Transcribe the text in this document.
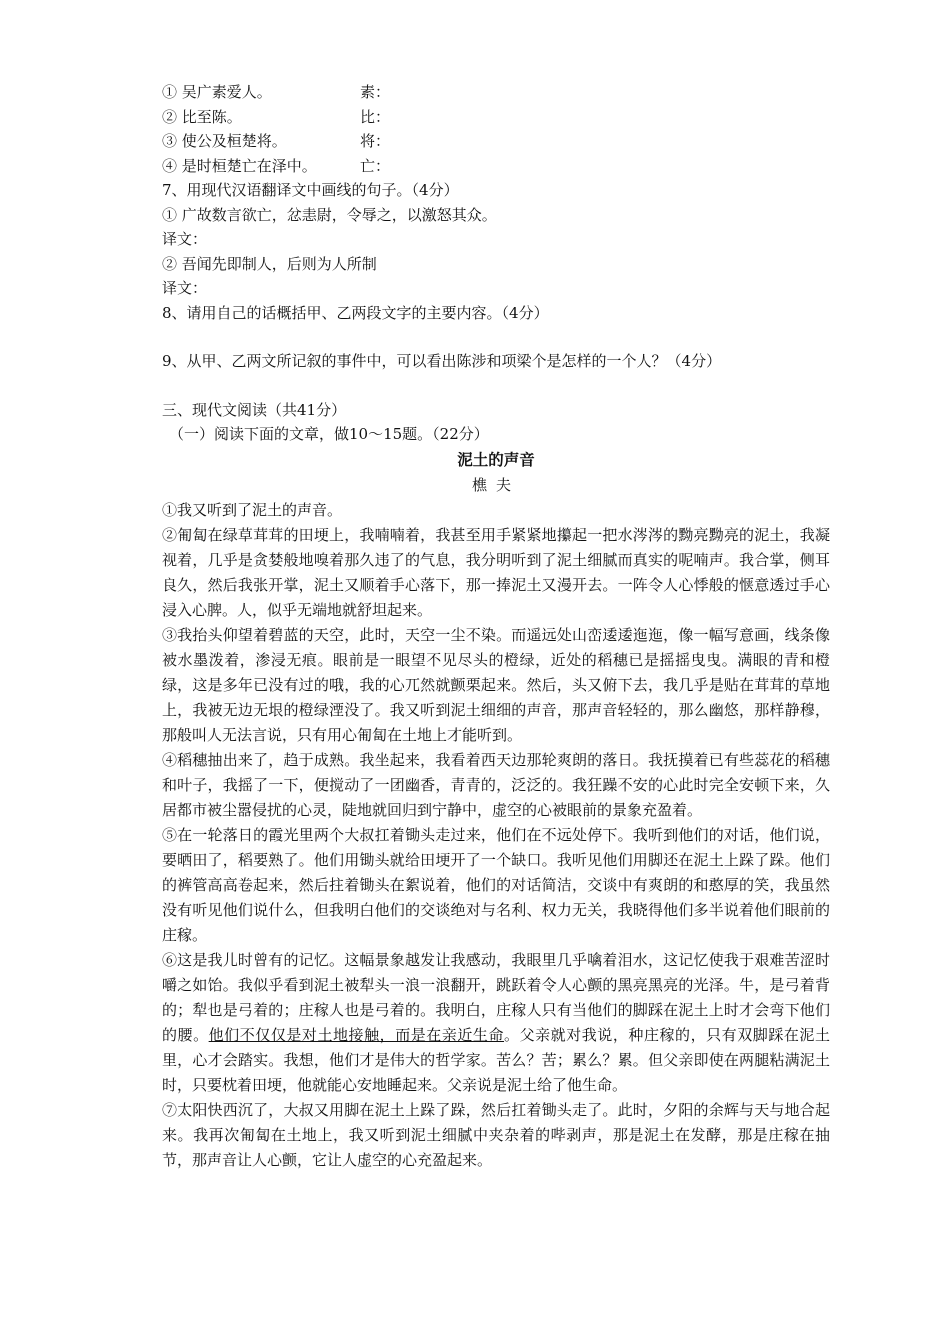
① 吴广素爱人。	素：
② 比至陈。	比：
③ 使公及桓楚将。	将：
④ 是时桓楚亡在泽中。	亡：
7、用现代汉语翻译文中画线的句子。（4分）
① 广故数言欲亡，忿恚尉，令辱之，以激怒其众。
译文：
② 吾闻先即制人，后则为人所制
译文：
8、请用自己的话概括甲、乙两段文字的主要内容。（4分）
9、从甲、乙两文所记叙的事件中，可以看出陈涉和项梁个是怎样的一个人？（4分）
三、现代文阅读（共41分）
（一）阅读下面的文章，做10～15题。（22分）
泥土的声音
樵夫

①我又听到了泥土的声音。

②匍匐在绿草茸茸的田埂上，我喃喃着，我甚至用手紧紧地攥起一把水涔涔的黝亮黝亮的泥土，我凝视着，几乎是贪婪般地嗅着那久违了的气息，我分明听到了泥土细腻而真实的呢喃声。我合掌，侧耳良久，然后我张开掌，泥土又顺着手心落下，那一捧泥土又漫开去。一阵令人心悸般的惬意透过手心浸入心脾。人，似乎无端地就舒坦起来。

③我抬头仰望着碧蓝的天空，此时，天空一尘不染。而遥远处山峦逶逶迤迤，像一幅写意画，线条像被水墨泼着，渗浸无痕。眼前是一眼望不见尽头的橙绿，近处的稻穗已是摇摇曳曳。满眼的青和橙绿，这是多年已没有过的哦，我的心兀然就颤栗起来。然后，头又俯下去，我几乎是贴在茸茸的草地上，我被无边无垠的橙绿湮没了。我又听到泥土细细的声音，那声音轻轻的，那么幽悠，那样静穆，那般叫人无法言说，只有用心匍匐在土地上才能听到。

④稻穗抽出来了，趋于成熟。我坐起来，我看着西天边那轮爽朗的落日。我抚摸着已有些蕊花的稻穗和叶子，我摇了一下，便搅动了一团幽香，青青的，泛泛的。我狂躁不安的心此时完全安顿下来，久居都市被尘嚣侵扰的心灵，陡地就回归到宁静中，虚空的心被眼前的景象充盈着。

⑤在一轮落日的霞光里两个大叔扛着锄头走过来，他们在不远处停下。我听到他们的对话，他们说，要晒田了，稻要熟了。他们用锄头就给田埂开了一个缺口。我听见他们用脚还在泥土上跺了跺。他们的裤管高高卷起来，然后拄着锄头在絮说着，他们的对话简洁，交谈中有爽朗的和憨厚的笑，我虽然没有听见他们说什么，但我明白他们的交谈绝对与名利、权力无关，我晓得他们多半说着他们眼前的庄稼。

⑥这是我儿时曾有的记忆。这幅景象越发让我感动，我眼里几乎噙着泪水，这记忆使我于艰难苦涩时嚼之如饴。我似乎看到泥土被犁头一浪一浪翻开，跳跃着令人心颤的黑亮黑亮的光泽。牛，是弓着背的；犁也是弓着的；庄稼人也是弓着的。我明白，庄稼人只有当他们的脚踩在泥土上时才会弯下他们的腰。他们不仅仅是对土地接触，而是在亲近生命。父亲就对我说，种庄稼的，只有双脚踩在泥土里，心才会踏实。我想，他们才是伟大的哲学家。苦么？苦；累么？累。但父亲即使在两腿粘满泥土时，只要枕着田埂，他就能心安地睡起来。父亲说是泥土给了他生命。

⑦太阳快西沉了，大叔又用脚在泥土上跺了跺，然后扛着锄头走了。此时，夕阳的余辉与天与地合起来。我再次匍匐在土地上，我又听到泥土细腻中夹杂着的哔剥声，那是泥土在发酵，那是庄稼在抽节，那声音让人心颤，它让人虚空的心充盈起来。
